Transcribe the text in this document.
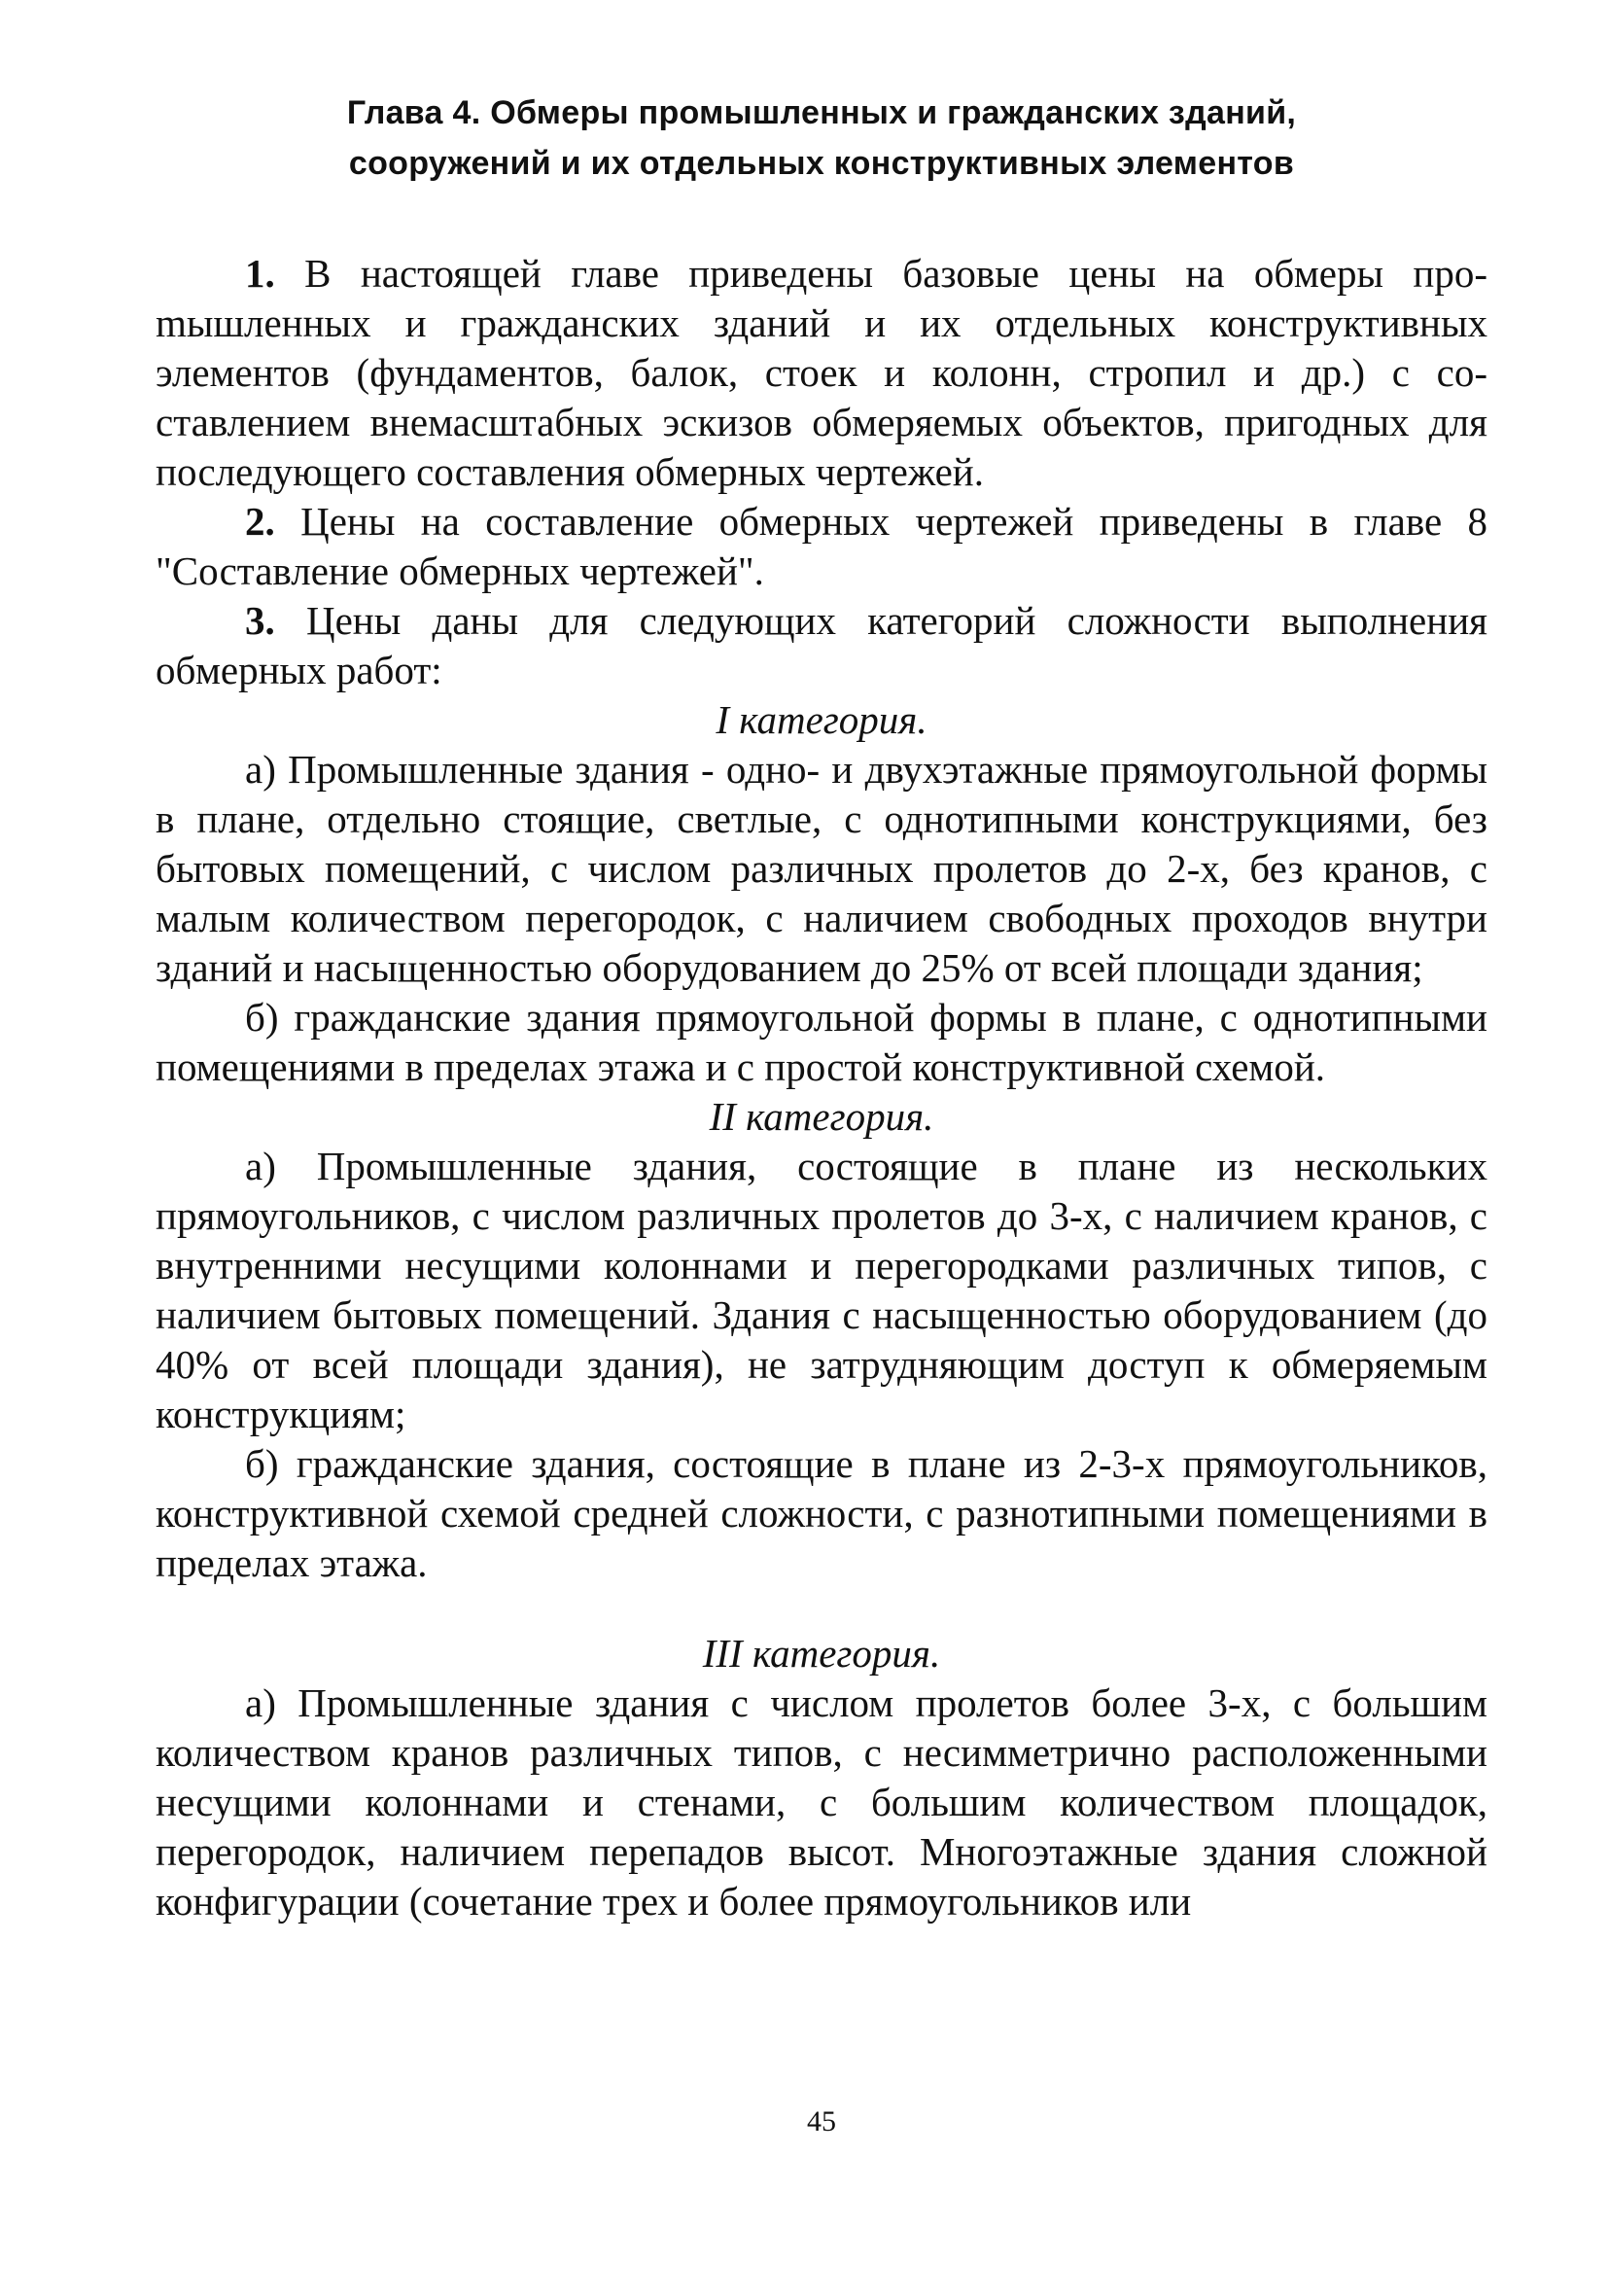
Глава 4. Обмеры промышленных и гражданских зданий,
сооружений и их отдельных конструктивных элементов

1. В настоящей главе приведены базовые цены на обмеры проmышленных и гражданских зданий и их отдельных конструктивных элементов (фундаментов, балок, стоек и колонн, стропил и др.) с составлением внемасштабных эскизов обмеряемых объектов, пригодных для последующего составления обмерных чертежей.

2. Цены на составление обмерных чертежей приведены в главе 8 "Составление обмерных чертежей".

3. Цены даны для следующих категорий сложности выполнения обмерных работ:

I категория.

а) Промышленные здания - одно- и двухэтажные прямоугольной формы в плане, отдельно стоящие, светлые, с однотипными конструкциями, без бытовых помещений, с числом различных пролетов до 2-х, без кранов, с малым количеством перегородок, с наличием свободных проходов внутри зданий и насыщенностью оборудованием до 25% от всей площади здания;

б) гражданские здания прямоугольной формы в плане, с однотипными помещениями в пределах этажа и с простой конструктивной схемой.

II категория.

а) Промышленные здания, состоящие в плане из нескольких прямоугольников, с числом различных пролетов до 3-х, с наличием кранов, с внутренними несущими колоннами и перегородками различных типов, с наличием бытовых помещений. Здания с насыщенностью оборудованием (до 40% от всей площади здания), не затрудняющим доступ к обмеряемым конструкциям;

б) гражданские здания, состоящие в плане из 2-3-х прямоугольников, конструктивной схемой средней сложности, с разнотипными помещениями в пределах этажа.

III категория.

а) Промышленные здания с числом пролетов более 3-х, с большим количеством кранов различных типов, с несимметрично расположенными несущими колоннами и стенами, с большим количеством площадок, перегородок, наличием перепадов высот. Многоэтажные здания сложной конфигурации (сочетание трех и более прямоугольников или

45
